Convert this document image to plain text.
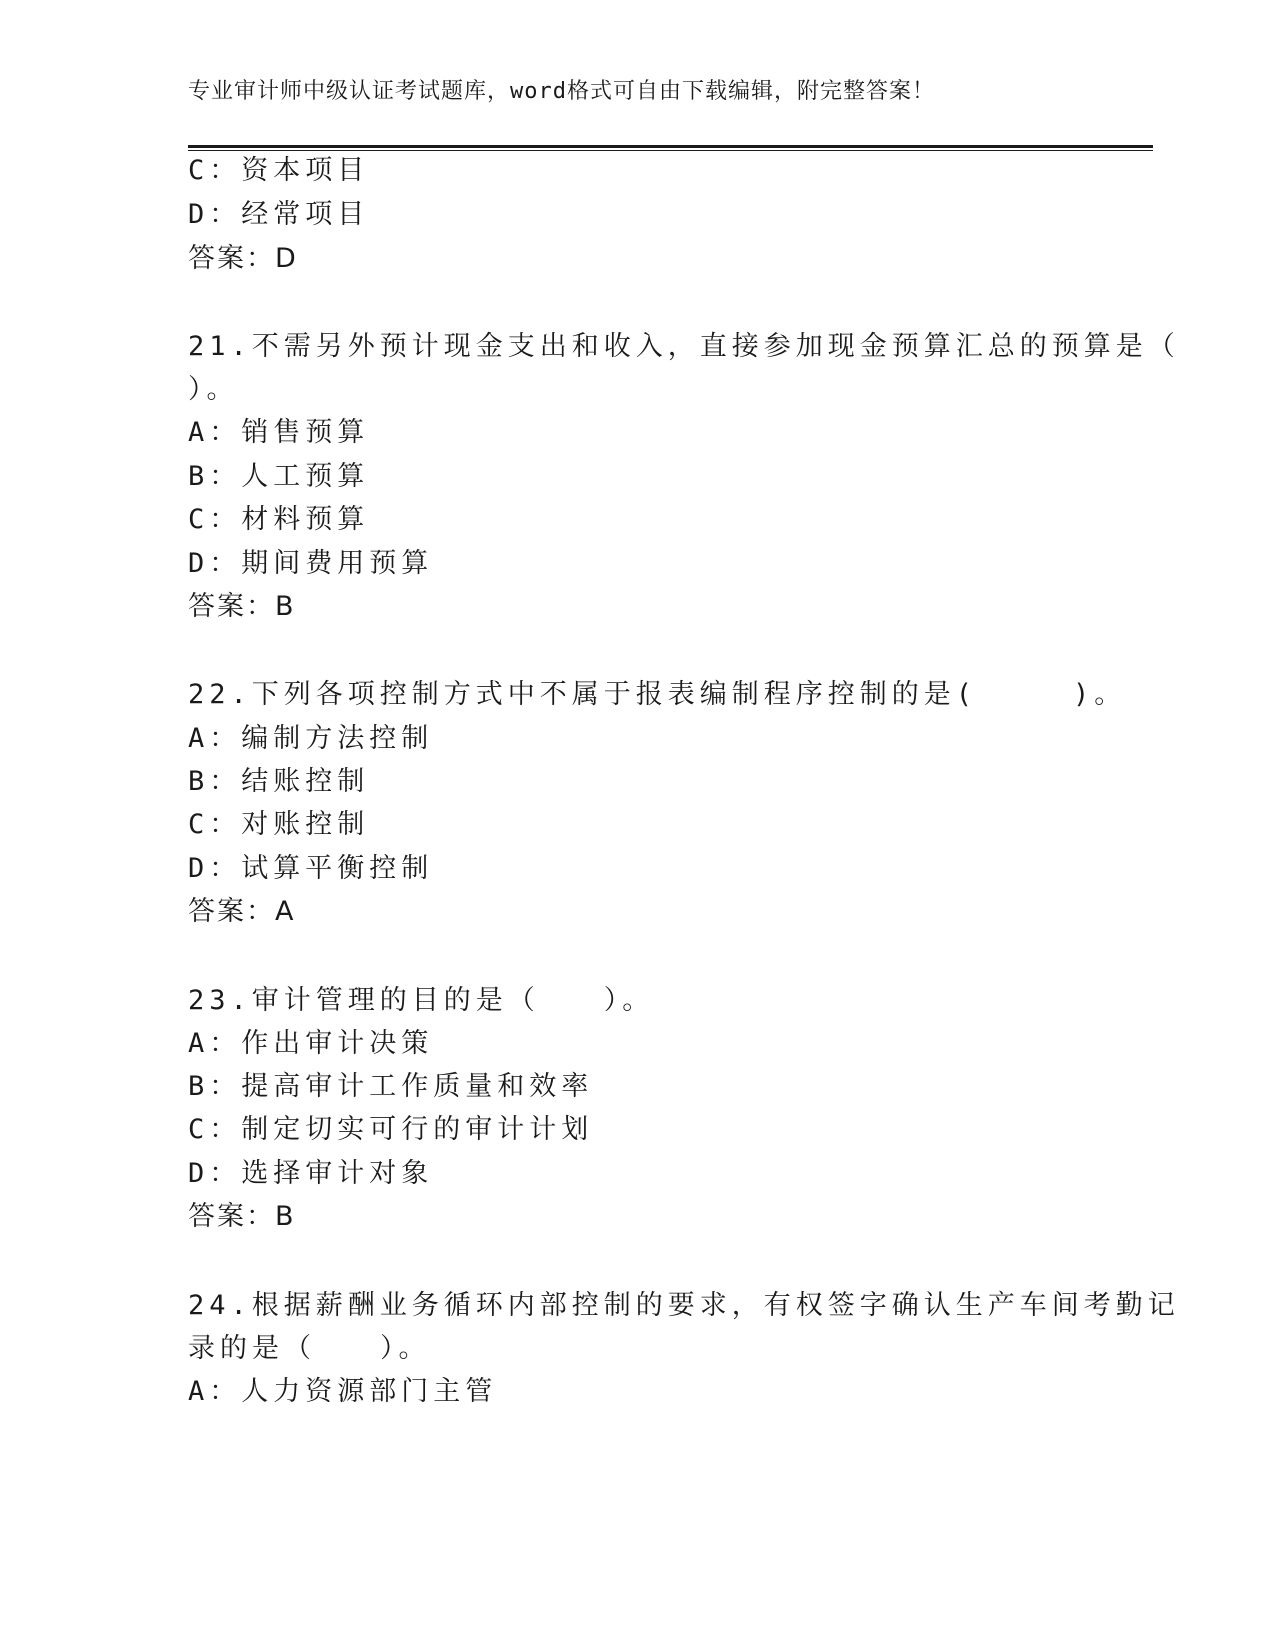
专业审计师中级认证考试题库，word格式可自由下载编辑，附完整答案！
C：资本项目
D：经常项目
答案：D
21.不需另外预计现金支出和收入，直接参加现金预算汇总的预算是（
）。
A：销售预算
B：人工预算
C：材料预算
D：期间费用预算
答案：B
22.下列各项控制方式中不属于报表编制程序控制的是(　　　)。
A：编制方法控制
B：结账控制
C：对账控制
D：试算平衡控制
答案：A
23.审计管理的目的是（　　）。
A：作出审计决策
B：提高审计工作质量和效率
C：制定切实可行的审计计划
D：选择审计对象
答案：B
24.根据薪酬业务循环内部控制的要求，有权签字确认生产车间考勤记
录的是（　　）。
A：人力资源部门主管
